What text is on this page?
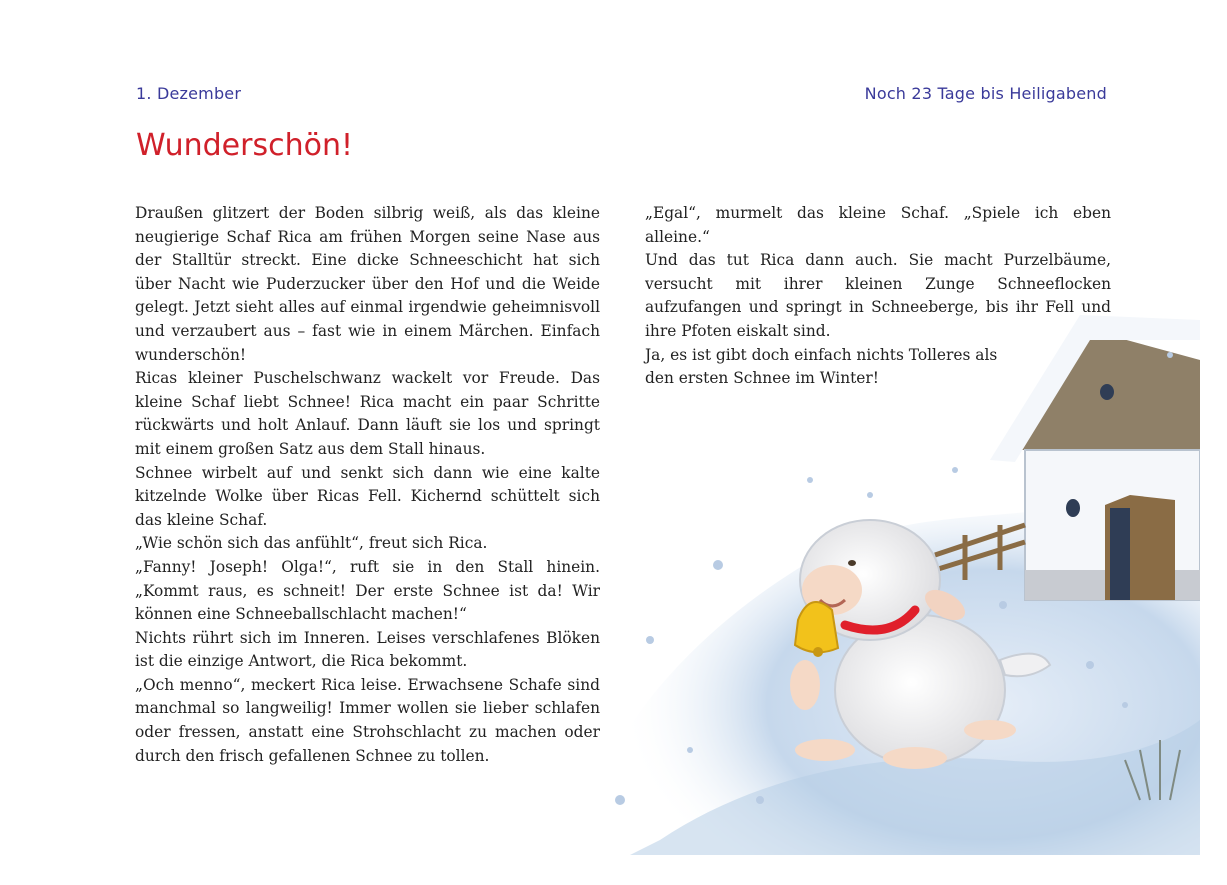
1. Dezember	Noch 23 Tage bis Heiligabend
Wunderschön!

Draußen glitzert der Boden silbrig weiß, als das kleine neugierige Schaf Rica am frühen Morgen seine Nase aus der Stalltür streckt. Eine dicke Schneeschicht hat sich über Nacht wie Puderzucker über den Hof und die Weide gelegt. Jetzt sieht alles auf einmal irgendwie geheimnisvoll und verzaubert aus – fast wie in einem Märchen. Einfach wunderschön!

Ricas kleiner Puschelschwanz wackelt vor Freude. Das kleine Schaf liebt Schnee! Rica macht ein paar Schritte rückwärts und holt Anlauf. Dann läuft sie los und springt mit einem großen Satz aus dem Stall hinaus.

Schnee wirbelt auf und senkt sich dann wie eine kalte kitzelnde Wolke über Ricas Fell. Kichernd schüttelt sich das kleine Schaf.

„Wie schön sich das anfühlt“, freut sich Rica.

„Fanny! Joseph! Olga!“, ruft sie in den Stall hinein. „Kommt raus, es schneit! Der erste Schnee ist da! Wir können eine Schneeballschlacht machen!“

Nichts rührt sich im Inneren. Leises verschlafenes Blöken ist die einzige Antwort, die Rica bekommt.

„Och menno“, meckert Rica leise. Erwachsene Schafe sind manchmal so langweilig! Immer wollen sie lieber schlafen oder fressen, anstatt eine Strohschlacht zu machen oder durch den frisch gefallenen Schnee zu tollen.

„Egal“, murmelt das kleine Schaf. „Spiele ich eben alleine.“

Und das tut Rica dann auch. Sie macht Purzelbäume, versucht mit ihrer kleinen Zunge Schneeflocken aufzufangen und springt in Schneeberge, bis ihr Fell und ihre Pfoten eiskalt sind.

Ja, es ist gibt doch einfach nichts Tolleres als den ersten Schnee im Winter!
